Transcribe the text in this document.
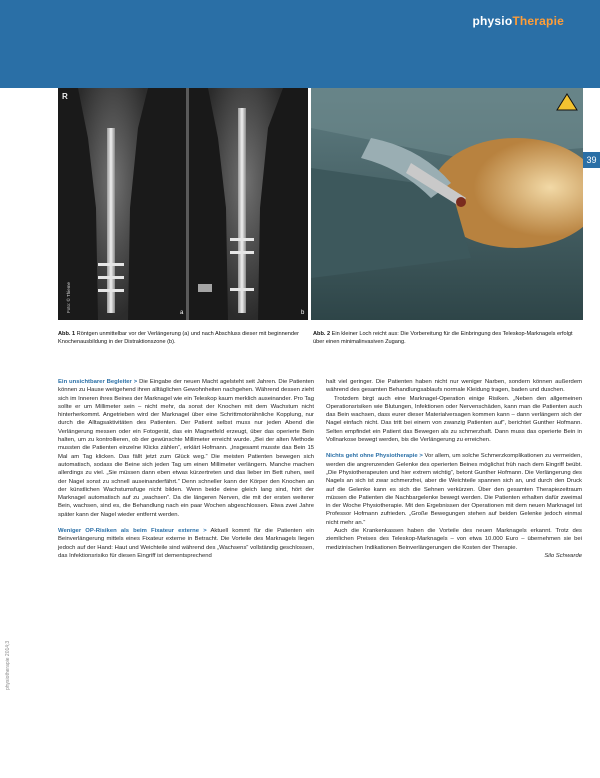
physioTherapie
39
R
a	b
Foto: © Thieme
Abb. 1 Röntgen unmittelbar vor der Verlängerung (a) und nach Abschluss dieser mit beginnender Knochenausbildung in der Distraktionszone (b).
Abb. 2 Ein kleiner Loch reicht aus: Die Vorbereitung für die Einbringung des Teleskop-Marknagels erfolgt über einen minimalinvasiven Zugang.

Ein unsichtbarer Begleiter > Die Eingabe der neuen Macht agelsteht seit Jahren. Die Patienten können zu Hause weitgehend ihren alltäglichen Gewohnheiten nachgehen. Während dessen zieht sich im Inneren ihres Beines der Marknagel wie ein Teleskop kaum merklich auseinander. Pro Tag sollte er um Millimeter sein – nicht mehr, da sonst der Knochen mit dem Wachstum nicht hinterherkommt. Angetrieben wird der Marknagel über eine Schrittmotorähnliche Kopplung, nur durch die Alltagsaktivitäten des Patienten. Der Patient selbst muss nur jeden Abend die Verlängerung messen oder ein Fotogerät, das ein Magnetfeld erzeugt, über das operierte Bein halten, um zu kontrollieren, ob der gewünschte Millimeter erreicht wurde. „Bei der alten Methode mussten die Patienten einzelne Klicks zählen“, erklärt Hofmann. „Insgesamt musste das Bein 15 Mal am Tag klicken. Das fällt jetzt zum Glück weg.“ Die meisten Patienten bewegen sich automatisch, sodass die Beine sich jeden Tag um einen Millimeter verlängern. Manche machen allerdings zu viel. „Sie müssen dann eben etwas kürzertreten und das lieber im Bett ruhen, weil der Nagel sonst zu schnell auseinanderfährt.“ Denn schneller kann der Körper den Knochen an der künstlichen Wachstumsfuge nicht bilden. Wenn beide deine gleich lang sind, hört der Marknagel automatisch auf zu „wachsen“. Da die längeren Nerven, die mit der ersten weiterer Bein, wachsen, sind es, die Behandlung nach ein paar Wochen abgeschlossen. Etwa zwei Jahre später kann der Nagel wieder entfernt werden.

Weniger OP-Risiken als beim Fixateur externe > Aktuell kommt für die Patienten ein Beinverlängerung mittels eines Fixateur externe in Betracht. Die Vorteile des Marknagels liegen jedoch auf der Hand: Haut und Weichteile sind während des „Wachsens“ vollständig geschlossen, das Infektionsrisiko für diesen Eingriff ist dementsprechend

halt viel geringer. Die Patienten haben nicht nur weniger Narben, sondern können außerdem während des gesamten Behandlungsablaufs normale Kleidung tragen, baden und duschen.

Trotzdem birgt auch eine Marknagel-Operation einige Risiken. „Neben den allgemeinen Operationsrisiken wie Blutungen, Infektionen oder Nervenschäden, kann man die Patienten auch das Bein wachsen, dass eurer dieser Materialversagen kommen kann – dann verlängern sich der Nagel einfach nicht. Das tritt bei einem von zwanzig Patienten auf“, berichtet Gunther Hofmann. Selten empfindet ein Patient das Bewegen als zu schmerzhaft. Dann muss das operierte Bein in Vollnarkose bewegt werden, bis die Verlängerung zu erreichen.

Nichts geht ohne Physiotherapie > Vor allem, um solche Schmerzkomplikationen zu vermeiden, werden die angrenzenden Gelenke des operierten Beines möglichst früh nach dem Eingriff beübt. „Die Physiotherapeuten und hier extrem wichtig“, betont Gunther Hofmann. Die Verlängerung des Nagels an sich ist zwar schmerzfrei, aber die Weichteile spannen sich an, und durch den Druck auf die Gelenke kann es sich die Sehnen verkürzen. Über den gesamten Therapiezeitraum müssen die Patienten die Nachbargelenke bewegt werden. Die Patienten erhalten dafür zweimal in der Woche Physiotherapie. Mit den Ergebnissen der Operationen mit dem neuen Marknagel ist Professor Hofmann zufrieden. „Große Bewegungen stehen auf beiden Gelenke jedoch einmal nicht mehr an.“

Auch die Krankenkassen haben die Vorteile des neuen Marknagels erkannt. Trotz des ziemlichen Preises des Teleskop-Marknagels – von etwa 10.000 Euro – übernehmen sie bei medizinischen Indikationen Beinverlängerungen die Kosten der Therapie.

Silo Schwarde

physiotherapie 2014;3
